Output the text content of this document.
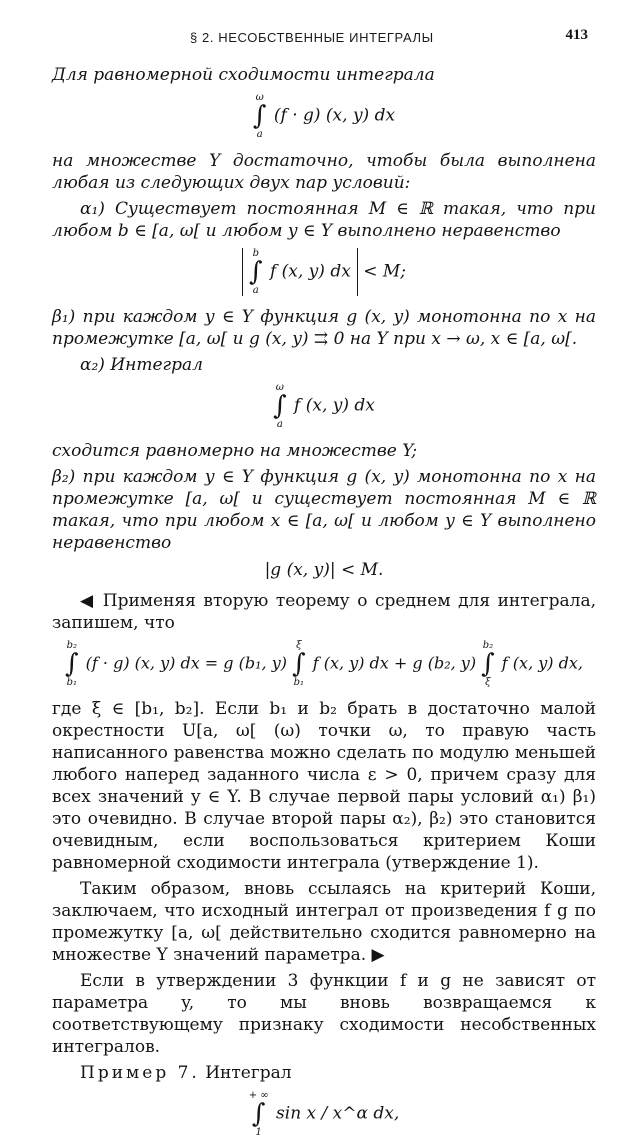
§ 2. НЕСОБСТВЕННЫЕ ИНТЕГРАЛЫ	413

Для равномерной сходимости интеграла

ω
∫
a
(f · g) (x, y) dx

на множестве Y достаточно, чтобы была выполнена любая из следующих двух пар условий:

α₁) Существует постоянная M ∈ ℝ такая, что при любом b ∈ [a, ω[ и любом y ∈ Y выполнено неравенство

b
∫
a
f (x, y) dx < M;

β₁) при каждом y ∈ Y функция g (x, y) монотонна по x на промежутке [a, ω[ и g (x, y) ⇉ 0 на Y при x → ω, x ∈ [a, ω[.

α₂) Интеграл

ω
∫
a
f (x, y) dx

сходится равномерно на множестве Y;

β₂) при каждом y ∈ Y функция g (x, y) монотонна по x на промежутке [a, ω[ и существует постоянная M ∈ ℝ такая, что при любом x ∈ [a, ω[ и любом y ∈ Y выполнено неравенство

|g (x, y)| < M.

◀ Применяя вторую теорему о среднем для интеграла, запишем, что

b₂
∫
b₁
(f · g) (x, y) dx = g (b₁, y)
ξ
∫
b₁
f (x, y) dx + g (b₂, y)
b₂
∫
ξ
f (x, y) dx,

где ξ ∈ [b₁, b₂]. Если b₁ и b₂ брать в достаточно малой окрестности U[a, ω[ (ω) точки ω, то правую часть написанного равенства можно сделать по модулю меньшей любого наперед заданного числа ε > 0, причем сразу для всех значений y ∈ Y. В случае первой пары условий α₁) β₁) это очевидно. В случае второй пары α₂), β₂) это становится очевидным, если воспользоваться критерием Коши равномерной сходимости интеграла (утверждение 1).

Таким образом, вновь ссылаясь на критерий Коши, заключаем, что исходный интеграл от произведения f g по промежутку [a, ω[ действительно сходится равномерно на множестве Y значений параметра. ▶

Если в утверждении 3 функции f и g не зависят от параметра y, то мы вновь возвращаемся к соответствующему признаку сходимости несобственных интегралов.

Пример 7. Интеграл

+ ∞
∫
1
sin x / x^α dx,
